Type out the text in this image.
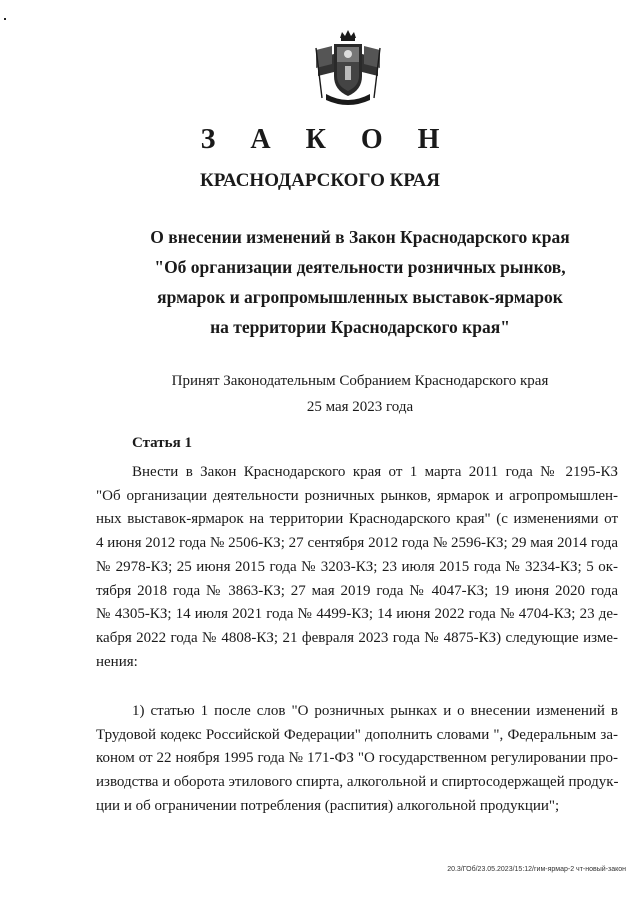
З А К О Н
КРАСНОДАРСКОГО КРАЯ
О внесении изменений в Закон Краснодарского края
"Об организации деятельности розничных рынков,
ярмарок и агропромышленных выставок-ярмарок
на территории Краснодарского края"
Принят Законодательным Собранием Краснодарского края
25 мая 2023 года
Статья 1
Внести в Закон Краснодарского края от 1 марта 2011 года № 2195-КЗ
"Об организации деятельности розничных рынков, ярмарок и агропромышлен-
ных выставок-ярмарок на территории Краснодарского края" (с изменениями от
4 июня 2012 года № 2506-КЗ; 27 сентября 2012 года № 2596-КЗ; 29 мая 2014 года
№ 2978-КЗ; 25 июня 2015 года № 3203-КЗ; 23 июля 2015 года № 3234-КЗ; 5 ок-
тября 2018 года № 3863-КЗ; 27 мая 2019 года № 4047-КЗ; 19 июня 2020 года
№ 4305-КЗ; 14 июля 2021 года № 4499-КЗ; 14 июня 2022 года № 4704-КЗ; 23 де-
кабря 2022 года № 4808-КЗ; 21 февраля 2023 года № 4875-КЗ) следующие изме-
нения:
1) статью 1 после слов "О розничных рынках и о внесении изменений в
Трудовой кодекс Российской Федерации" дополнить словами ", Федеральным за-
коном от 22 ноября 1995 года № 171-ФЗ "О государственном регулировании про-
изводства и оборота этилового спирта, алкогольной и спиртосодержащей продук-
ции и об ограничении потребления (распития) алкогольной продукции";
20.3/ГОб/23.05.2023/15:12/гим-ярмар-2 чт-новый-закон
